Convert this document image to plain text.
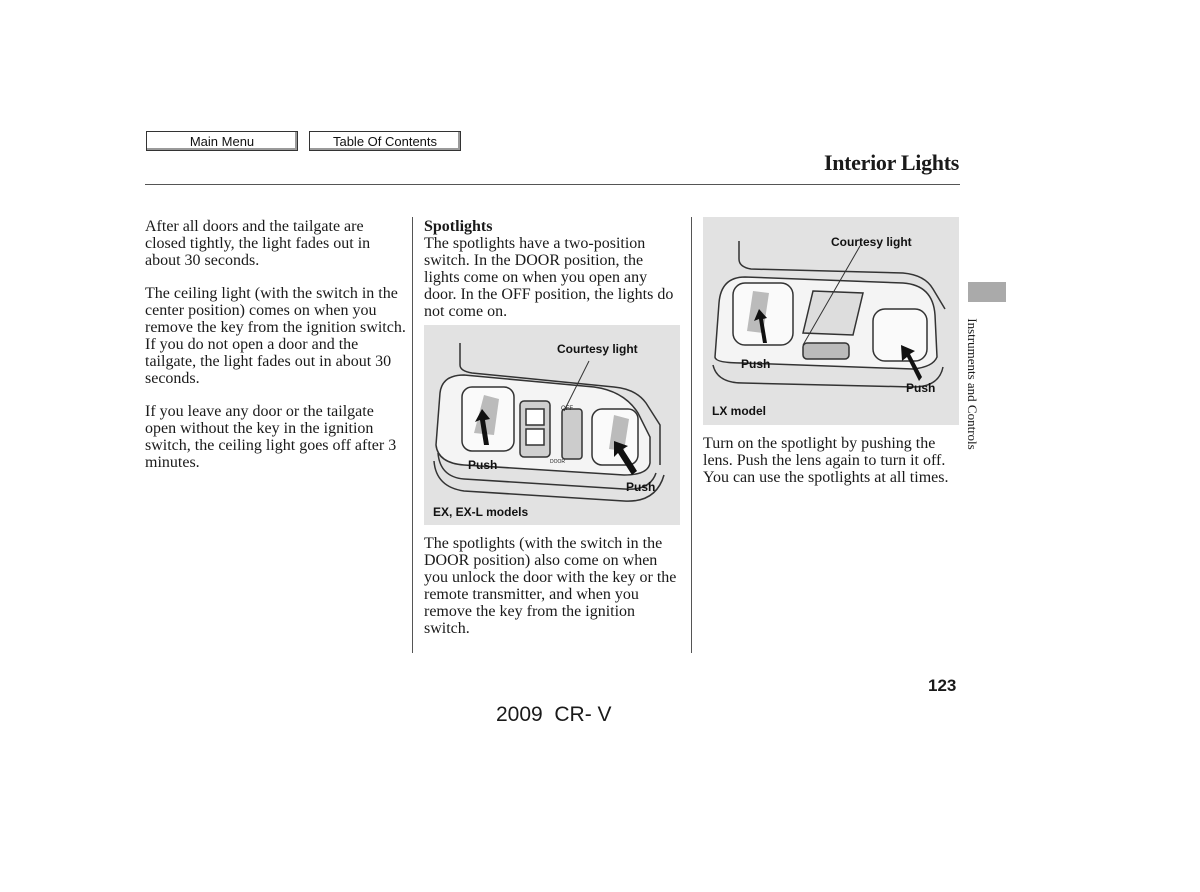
Main Menu	Table Of Contents
Interior Lights

After all doors and the tailgate are closed tightly, the light fades out in about 30 seconds.

The ceiling light (with the switch in the center position) comes on when you remove the key from the ignition switch. If you do not open a door and the tailgate, the light fades out in about 30 seconds.

If you leave any door or the tailgate open without the key in the ignition switch, the ceiling light goes off after 3 minutes.

Spotlights

The spotlights have a two-position switch. In the DOOR position, the lights come on when you open any door. In the OFF position, the lights do not come on.

OFF
DOOR
Courtesy light
Push
Push
EX, EX-L models

The spotlights (with the switch in the DOOR position) also come on when you unlock the door with the key or the remote transmitter, and when you remove the key from the ignition switch.

Courtesy light
Push
Push
LX model

Turn on the spotlight by pushing the lens. Push the lens again to turn it off. You can use the spotlights at all times.

Instruments and Controls
123
2009  CR- V
